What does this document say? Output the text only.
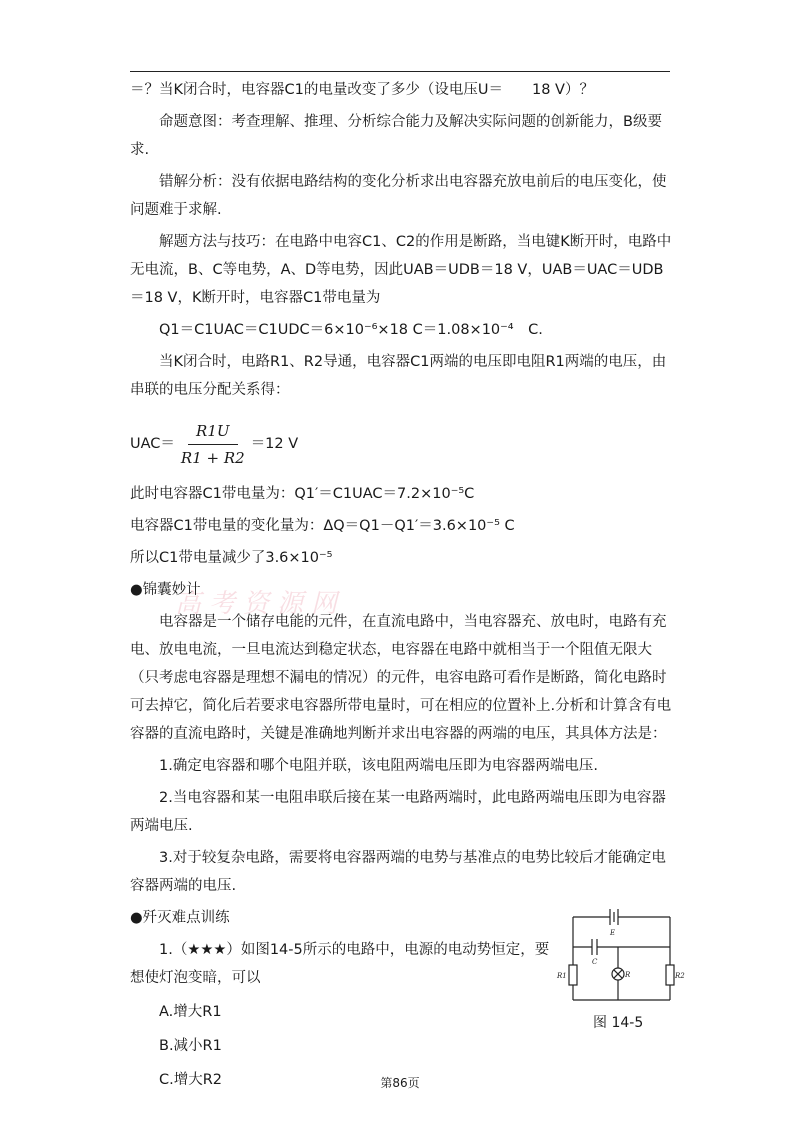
高考资源网

＝？当K闭合时，电容器C1的电量改变了多少（设电压U＝　　18 V）？

命题意图：考查理解、推理、分析综合能力及解决实际问题的创新能力，B级要求.

错解分析：没有依据电路结构的变化分析求出电容器充放电前后的电压变化，使问题难于求解.

解题方法与技巧：在电路中电容C1、C2的作用是断路，当电键K断开时，电路中无电流，B、C等电势，A、D等电势，因此UAB＝UDB＝18 V，UAB＝UAC＝UDB＝18 V，K断开时，电容器C1带电量为

Q1＝C1UAC＝C1UDC＝6×10⁻⁶×18 C＝1.08×10⁻⁴　C.

当K闭合时，电路R1、R2导通，电容器C1两端的电压即电阻R1两端的电压，由串联的电压分配关系得：

$UAC= \frac{R1U}{R1 + R2} =12$ V

此时电容器C1带电量为：Q1′＝C1UAC＝7.2×10⁻⁵C

电容器C1带电量的变化量为：ΔQ＝Q1－Q1′＝3.6×10⁻⁵ C

所以C1带电量减少了3.6×10⁻⁵

●锦囊妙计

电容器是一个储存电能的元件，在直流电路中，当电容器充、放电时，电路有充电、放电电流，一旦电流达到稳定状态，电容器在电路中就相当于一个阻值无限大（只考虑电容器是理想不漏电的情况）的元件，电容电路可看作是断路，简化电路时可去掉它，简化后若要求电容器所带电量时，可在相应的位置补上.分析和计算含有电容器的直流电路时，关键是准确地判断并求出电容器的两端的电压，其具体方法是：

1.确定电容器和哪个电阻并联，该电阻两端电压即为电容器两端电压.

2.当电容器和某一电阻串联后接在某一电路两端时，此电路两端电压即为电容器两端电压.

3.对于较复杂电路，需要将电容器两端的电势与基准点的电势比较后才能确定电容器两端的电压.

●歼灭难点训练

1.（★★★）如图14-5所示的电路中，电源的电动势恒定，要想使灯泡变暗，可以

A.增大R1

B.减小R1

C.增大R2

E
C
R
R1	R2
图 14-5
第86页
